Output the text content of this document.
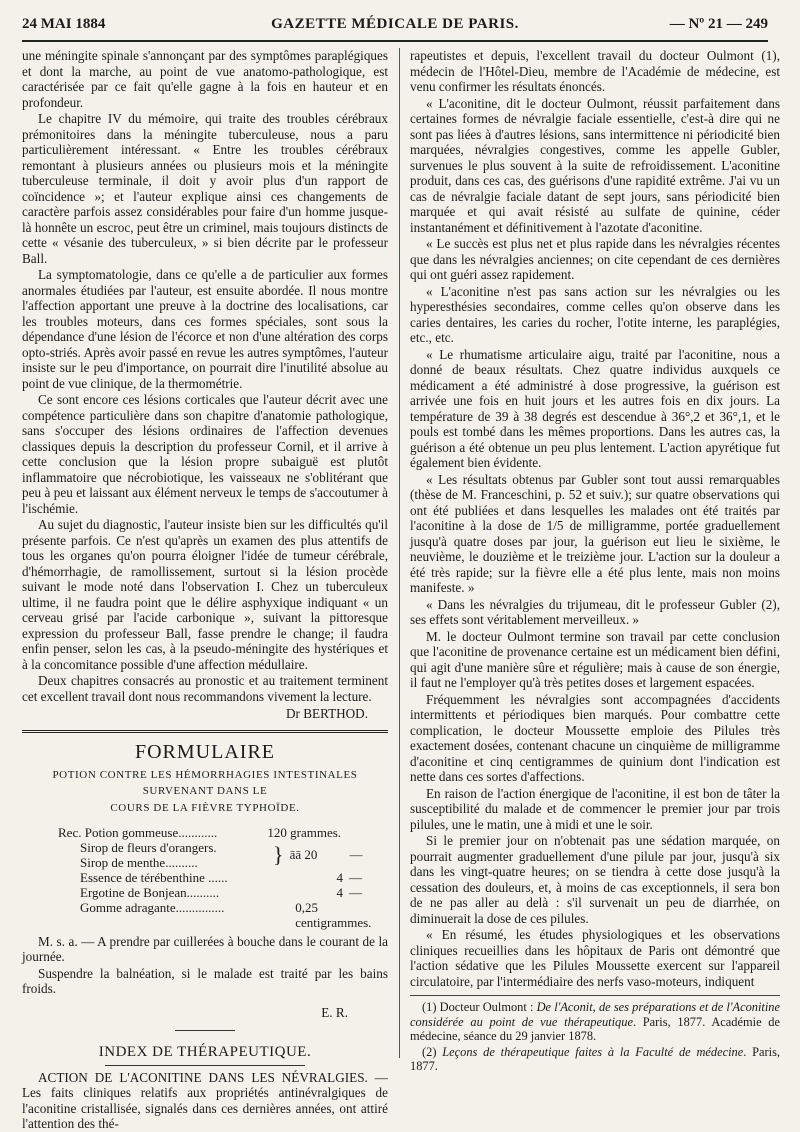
24 MAI 1884	GAZETTE MÉDICALE DE PARIS.	— Nº 21 — 249

une méningite spinale s'annonçant par des symptômes paraplégiques et dont la marche, au point de vue anatomo-pathologique, est caractérisée par ce fait qu'elle gagne à la fois en hauteur et en profondeur.

Le chapitre IV du mémoire, qui traite des troubles cérébraux prémonitoires dans la méningite tuberculeuse, nous a paru particulièrement intéressant. « Entre les troubles cérébraux remontant à plusieurs années ou plusieurs mois et la méningite tuberculeuse terminale, il doit y avoir plus d'un rapport de coïncidence »; et l'auteur explique ainsi ces changements de caractère parfois assez considérables pour faire d'un homme jusque-là honnête un escroc, peut être un criminel, mais toujours distincts de cette « vésanie des tuberculeux, » si bien décrite par le professeur Ball.

La symptomatologie, dans ce qu'elle a de particulier aux formes anormales étudiées par l'auteur, est ensuite abordée. Il nous montre l'affection apportant une preuve à la doctrine des localisations, car les troubles moteurs, dans ces formes spéciales, sont sous la dépendance d'une lésion de l'écorce et non d'une altération des corps opto-striés. Après avoir passé en revue les autres symptômes, l'auteur insiste sur le peu d'importance, on pourrait dire l'inutilité absolue au point de vue clinique, de la thermométrie.

Ce sont encore ces lésions corticales que l'auteur décrit avec une compétence particulière dans son chapitre d'anatomie pathologique, sans s'occuper des lésions ordinaires de l'affection devenues classiques depuis la description du professeur Cornil, et il arrive à cette conclusion que la lésion propre subaiguë est plutôt inflammatoire que nécrobiotique, les vaisseaux ne s'oblitérant que peu à peu et laissant aux élément nerveux le temps de s'accoutumer à l'ischémie.

Au sujet du diagnostic, l'auteur insiste bien sur les difficultés qu'il présente parfois. Ce n'est qu'après un examen des plus attentifs de tous les organes qu'on pourra éloigner l'idée de tumeur cérébrale, d'hémorrhagie, de ramollissement, surtout si la lésion procède suivant le mode noté dans l'observation I. Chez un tuberculeux ultime, il ne faudra point que le délire asphyxique indiquant « un cerveau grisé par l'acide carbonique », suivant la pittoresque expression du professeur Ball, fasse prendre le change; il faudra enfin penser, selon les cas, à la pseudo-méningite des hystériques et à la concomitance possible d'une affection médullaire.

Deux chapitres consacrés au pronostic et au traitement terminent cet excellent travail dont nous recommandons vivement la lecture.

Dr BERTHOD.
FORMULAIRE
POTION CONTRE LES HÉMORRHAGIES INTESTINALES SURVENANT DANS LE
COURS DE LA FIÈVRE TYPHOÏDE.
Rec. Potion gommeuse............	120 grammes.
Sirop de fleurs d'orangers.
Sirop de menthe..........	} āā 20	—
Essence de térébenthine ......	4 —
Ergotine de Bonjean..........	4 —
Gomme adragante...............	0,25 centigrammes.

M. s. a. — A prendre par cuillerées à bouche dans le courant de la journée.

Suspendre la balnéation, si le malade est traité par les bains froids.

E. R.
INDEX DE THÉRAPEUTIQUE.

ACTION DE L'ACONITINE DANS LES NÉVRALGIES. — Les faits cliniques relatifs aux propriétés antinévralgiques de l'aconitine cristallisée, signalés dans ces dernières années, ont attiré l'attention des thé-

rapeutistes et depuis, l'excellent travail du docteur Oulmont (1), médecin de l'Hôtel-Dieu, membre de l'Académie de médecine, est venu confirmer les résultats énoncés.

« L'aconitine, dit le docteur Oulmont, réussit parfaitement dans certaines formes de névralgie faciale essentielle, c'est-à dire qui ne sont pas liées à d'autres lésions, sans intermittence ni périodicité bien marquées, névralgies congestives, comme les appelle Gubler, survenues le plus souvent à la suite de refroidissement. L'aconitine produit, dans ces cas, des guérisons d'une rapidité extrême. J'ai vu un cas de névralgie faciale datant de sept jours, sans périodicité bien marquée et qui avait résisté au sulfate de quinine, céder instantanément et définitivement à l'azotate d'aconitine.

« Le succès est plus net et plus rapide dans les névralgies récentes que dans les névralgies anciennes; on cite cependant de ces dernières qui ont guéri assez rapidement.

« L'aconitine n'est pas sans action sur les névralgies ou les hyperesthésies secondaires, comme celles qu'on observe dans les caries dentaires, les caries du rocher, l'otite interne, les paraplégies, etc., etc.

« Le rhumatisme articulaire aigu, traité par l'aconitine, nous a donné de beaux résultats. Chez quatre individus auxquels ce médicament a été administré à dose progressive, la guérison est arrivée une fois en huit jours et les autres fois en dix jours. La température de 39 à 38 degrés est descendue à 36°,2 et 36°,1, et le pouls est tombé dans les mêmes proportions. Dans les autres cas, la guérison a été obtenue un peu plus lentement. L'action apyrétique fut également bien évidente.

« Les résultats obtenus par Gubler sont tout aussi remarquables (thèse de M. Franceschini, p. 52 et suiv.); sur quatre observations qui ont été publiées et dans lesquelles les malades ont été traités par l'aconitine à la dose de 1/5 de milligramme, portée graduellement jusqu'à quatre doses par jour, la guérison eut lieu le sixième, le neuvième, le douzième et le treizième jour. L'action sur la douleur a été très rapide; sur la fièvre elle a été plus lente, mais non moins manifeste. »

« Dans les névralgies du trijumeau, dit le professeur Gubler (2), ses effets sont véritablement merveilleux. »

M. le docteur Oulmont termine son travail par cette conclusion que l'aconitine de provenance certaine est un médicament bien défini, qui agit d'une manière sûre et régulière; mais à cause de son énergie, il faut ne l'employer qu'à très petites doses et largement espacées.

Fréquemment les névralgies sont accompagnées d'accidents intermittents et périodiques bien marqués. Pour combattre cette complication, le docteur Moussette emploie des Pilules très exactement dosées, contenant chacune un cinquième de milligramme d'aconitine et cinq centigrammes de quinium dont l'indication est nette dans ces sortes d'affections.

En raison de l'action énergique de l'aconitine, il est bon de tâter la susceptibilité du malade et de commencer le premier jour par trois pilules, une le matin, une à midi et une le soir.

Si le premier jour on n'obtenait pas une sédation marquée, on pourrait augmenter graduellement d'une pilule par jour, jusqu'à six dans les vingt-quatre heures; on se tiendra à cette dose jusqu'à la cessation des douleurs, et, à moins de cas exceptionnels, il sera bon de ne pas aller au delà : s'il survenait un peu de diarrhée, on diminuerait la dose de ces pilules.

« En résumé, les études physiologiques et les observations cliniques recueillies dans les hôpitaux de Paris ont démontré que l'action sédative que les Pilules Moussette exercent sur l'appareil circulatoire, par l'intermédiaire des nerfs vaso-moteurs, indiquent

(1) Docteur Oulmont : De l'Aconit, de ses préparations et de l'Aconitine considérée au point de vue thérapeutique. Paris, 1877. Académie de médecine, séance du 29 janvier 1878.

(2) Leçons de thérapeutique faites à la Faculté de médecine. Paris, 1877.
